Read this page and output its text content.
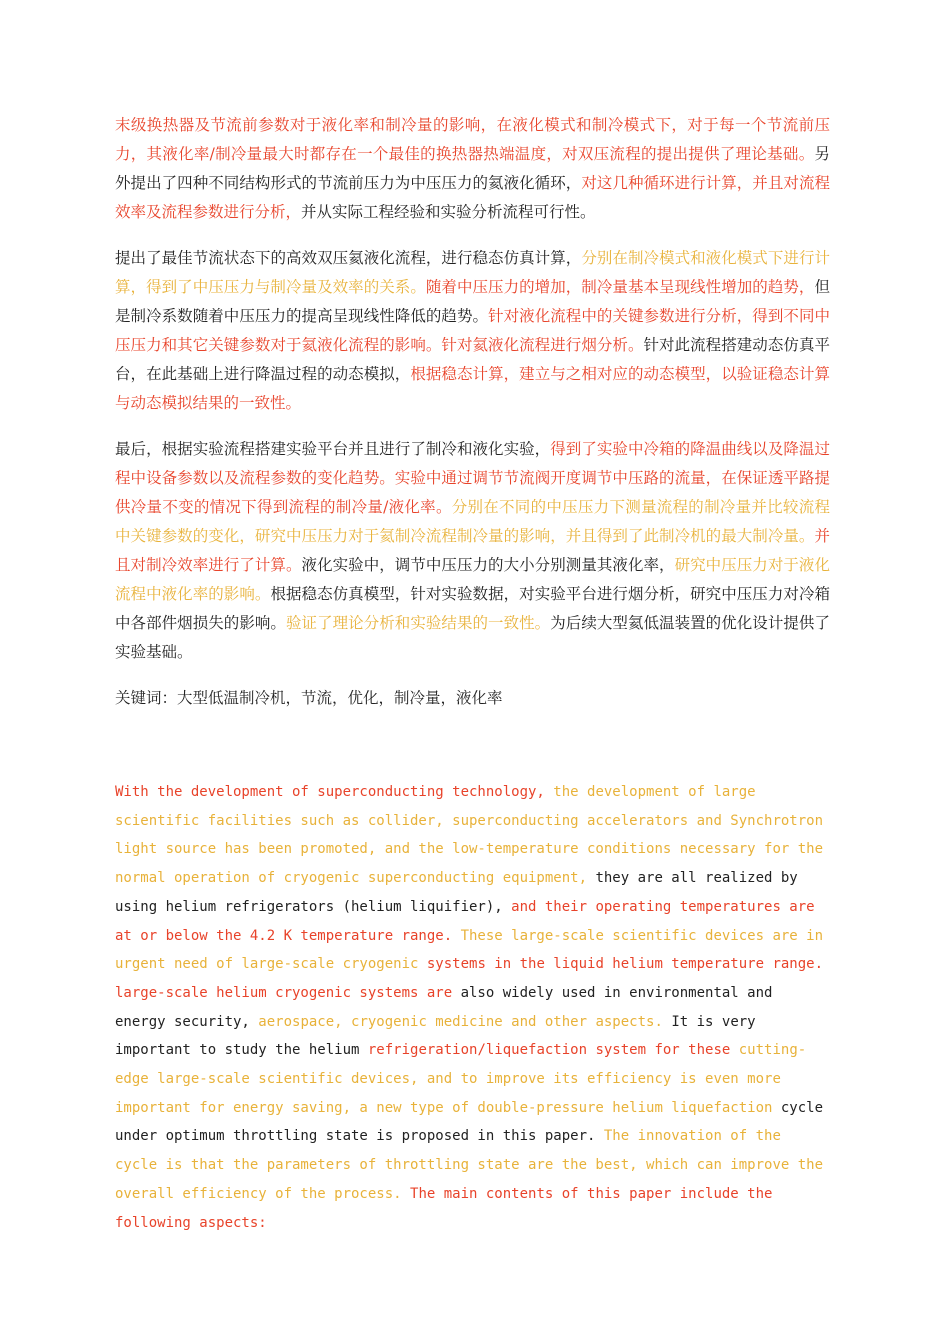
末级换热器及节流前参数对于液化率和制冷量的影响，在液化模式和制冷模式下，对于每一个节流前压力，其液化率/制冷量最大时都存在一个最佳的换热器热端温度，对双压流程的提出提供了理论基础。另外提出了四种不同结构形式的节流前压力为中压压力的氦液化循环，对这几种循环进行计算，并且对流程效率及流程参数进行分析，并从实际工程经验和实验分析流程可行性。

提出了最佳节流状态下的高效双压氦液化流程，进行稳态仿真计算，分别在制冷模式和液化模式下进行计算，得到了中压压力与制冷量及效率的关系。随着中压压力的增加，制冷量基本呈现线性增加的趋势，但是制冷系数随着中压压力的提高呈现线性降低的趋势。针对液化流程中的关键参数进行分析，得到不同中压压力和其它关键参数对于氦液化流程的影响。针对氦液化流程进行烟分析。针对此流程搭建动态仿真平台，在此基础上进行降温过程的动态模拟，根据稳态计算，建立与之相对应的动态模型，以验证稳态计算与动态模拟结果的一致性。

最后，根据实验流程搭建实验平台并且进行了制冷和液化实验，得到了实验中冷箱的降温曲线以及降温过程中设备参数以及流程参数的变化趋势。实验中通过调节节流阀开度调节中压路的流量，在保证透平路提供冷量不变的情况下得到流程的制冷量/液化率。分别在不同的中压压力下测量流程的制冷量并比较流程中关键参数的变化，研究中压压力对于氦制冷流程制冷量的影响，并且得到了此制冷机的最大制冷量。并且对制冷效率进行了计算。液化实验中，调节中压压力的大小分别测量其液化率，研究中压压力对于液化流程中液化率的影响。根据稳态仿真模型，针对实验数据，对实验平台进行烟分析，研究中压压力对冷箱中各部件烟损失的影响。验证了理论分析和实验结果的一致性。为后续大型氦低温装置的优化设计提供了实验基础。

关键词：大型低温制冷机，节流，优化，制冷量，液化率

With the development of superconducting technology, the development of large scientific facilities such as collider, superconducting accelerators and Synchrotron light source has been promoted, and the low-temperature conditions necessary for the normal operation of cryogenic superconducting equipment, they are all realized by using helium refrigerators (helium liquifier), and their operating temperatures are at or below the 4.2 K temperature range. These large-scale scientific devices are in urgent need of large-scale cryogenic systems in the liquid helium temperature range. large-scale helium cryogenic systems are also widely used in environmental and energy security, aerospace, cryogenic medicine and other aspects. It is very important to study the helium refrigeration/liquefaction system for these cutting-edge large-scale scientific devices, and to improve its efficiency is even more important for energy saving, a new type of double-pressure helium liquefaction cycle under optimum throttling state is proposed in this paper. The innovation of the cycle is that the parameters of throttling state are the best, which can improve the overall efficiency of the process. The main contents of this paper include the following aspects:
